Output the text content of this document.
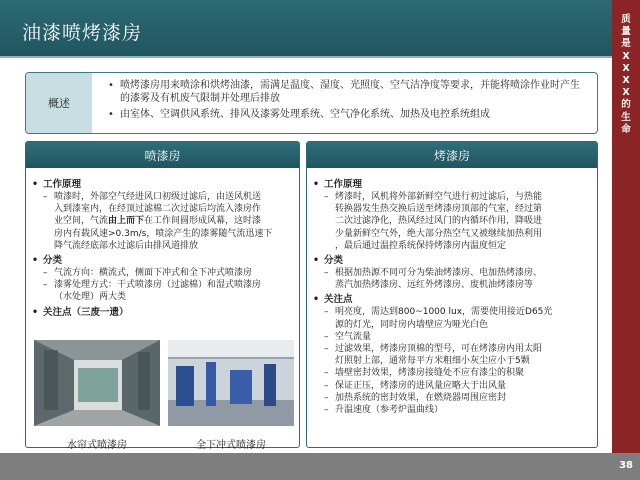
油漆喷烤漆房
质
量
是
X
X
X
X
的
生
命
概述
• 喷烤漆房用来喷涂和烘烤油漆，需满足温度、湿度、光照度、空气洁净度等要求，并能将喷涂作业时产生的漆雾及有机废气限制并处理后排放
• 由室体、空调供风系统、排风及漆雾处理系统、空气净化系统、加热及电控系统组成
喷漆房
• 工作原理
– 喷漆时，外部空气经进风口初级过滤后，由送风机送
入到漆室内，在经顶过滤棉二次过滤后均流入漆房作
业空间，气流由上而下在工作间圆形成风幕，这时漆
房内有载风速>0.3m/s，喷涂产生的漆雾随气流迅速下
降气流经底部水过滤后由排风道排放
• 分类
– 气流方向：横流式，侧面下冲式和全下冲式喷漆房
– 漆雾处理方式：干式喷漆房（过滤棉）和湿式喷漆房
（水处理）两大类
• 关注点（三废一遗）
水帘式喷漆房	全下冲式喷漆房
烤漆房
• 工作原理
– 烤漆时，风机将外部新鲜空气进行初过滤后，与热能
转换器发生热交换后送至烤漆房顶部的气室，经过第
二次过滤净化，热风经过风门的内循环作用，降吸进
少量新鲜空气外，绝大部分热空气又被继续加热利用
，最后通过温控系统保持烤漆房内温度恒定
• 分类
– 根据加热源不同可分为柴油烤漆房、电加热烤漆房、
蒸汽加热烤漆房、远红外烤漆房、废机油烤漆房等
• 关注点
– 明亮度，需达到800~1000 lux，需要使用接近D65光
源的灯光，同时房内墙壁应为哑光白色
– 空气流量
– 过滤效果，烤漆房顶棉的型号，可在烤漆房内用太阳
灯照射上部，通常每平方米粗细小灰尘应小于5颗
– 墙壁密封效果，烤漆房接缝处不应有漆尘的积聚
– 保证正压，烤漆房的进风量应略大于出风量
– 加热系统的密封效果，在燃烧器周围应密封
– 升温速度（参考炉温曲线）
38
